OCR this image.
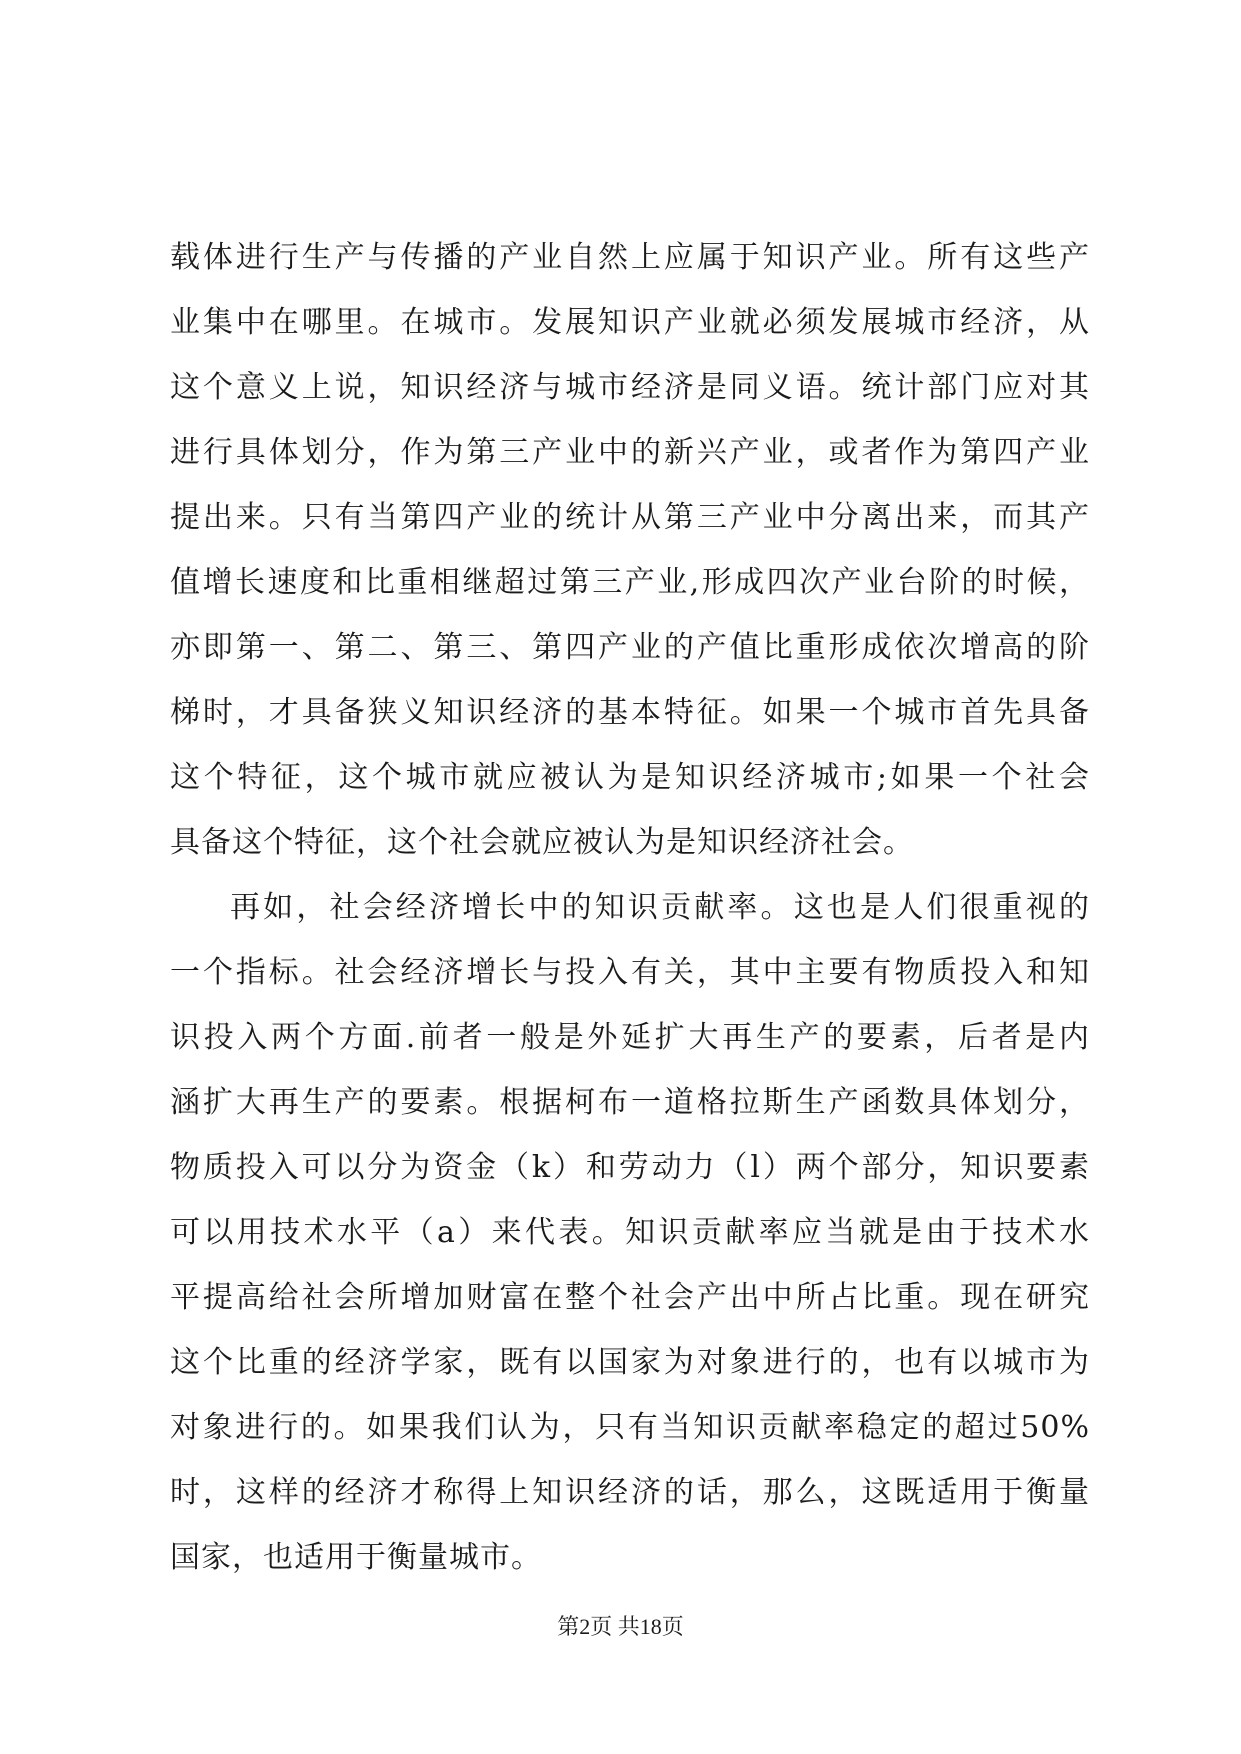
载体进行生产与传播的产业自然上应属于知识产业。所有这些产
业集中在哪里。在城市。发展知识产业就必须发展城市经济，从
这个意义上说，知识经济与城市经济是同义语。统计部门应对其
进行具体划分，作为第三产业中的新兴产业，或者作为第四产业
提出来。只有当第四产业的统计从第三产业中分离出来，而其产
值增长速度和比重相继超过第三产业,形成四次产业台阶的时候，
亦即第一、第二、第三、第四产业的产值比重形成依次增高的阶
梯时，才具备狭义知识经济的基本特征。如果一个城市首先具备
这个特征，这个城市就应被认为是知识经济城市;如果一个社会
具备这个特征，这个社会就应被认为是知识经济社会。
再如，社会经济增长中的知识贡献率。这也是人们很重视的
一个指标。社会经济增长与投入有关，其中主要有物质投入和知
识投入两个方面.前者一般是外延扩大再生产的要素，后者是内
涵扩大再生产的要素。根据柯布一道格拉斯生产函数具体划分，
物质投入可以分为资金（k）和劳动力（l）两个部分，知识要素
可以用技术水平（a）来代表。知识贡献率应当就是由于技术水
平提高给社会所增加财富在整个社会产出中所占比重。现在研究
这个比重的经济学家，既有以国家为对象进行的，也有以城市为
对象进行的。如果我们认为，只有当知识贡献率稳定的超过50%
时，这样的经济才称得上知识经济的话，那么，这既适用于衡量
国家，也适用于衡量城市。
第2页 共18页
